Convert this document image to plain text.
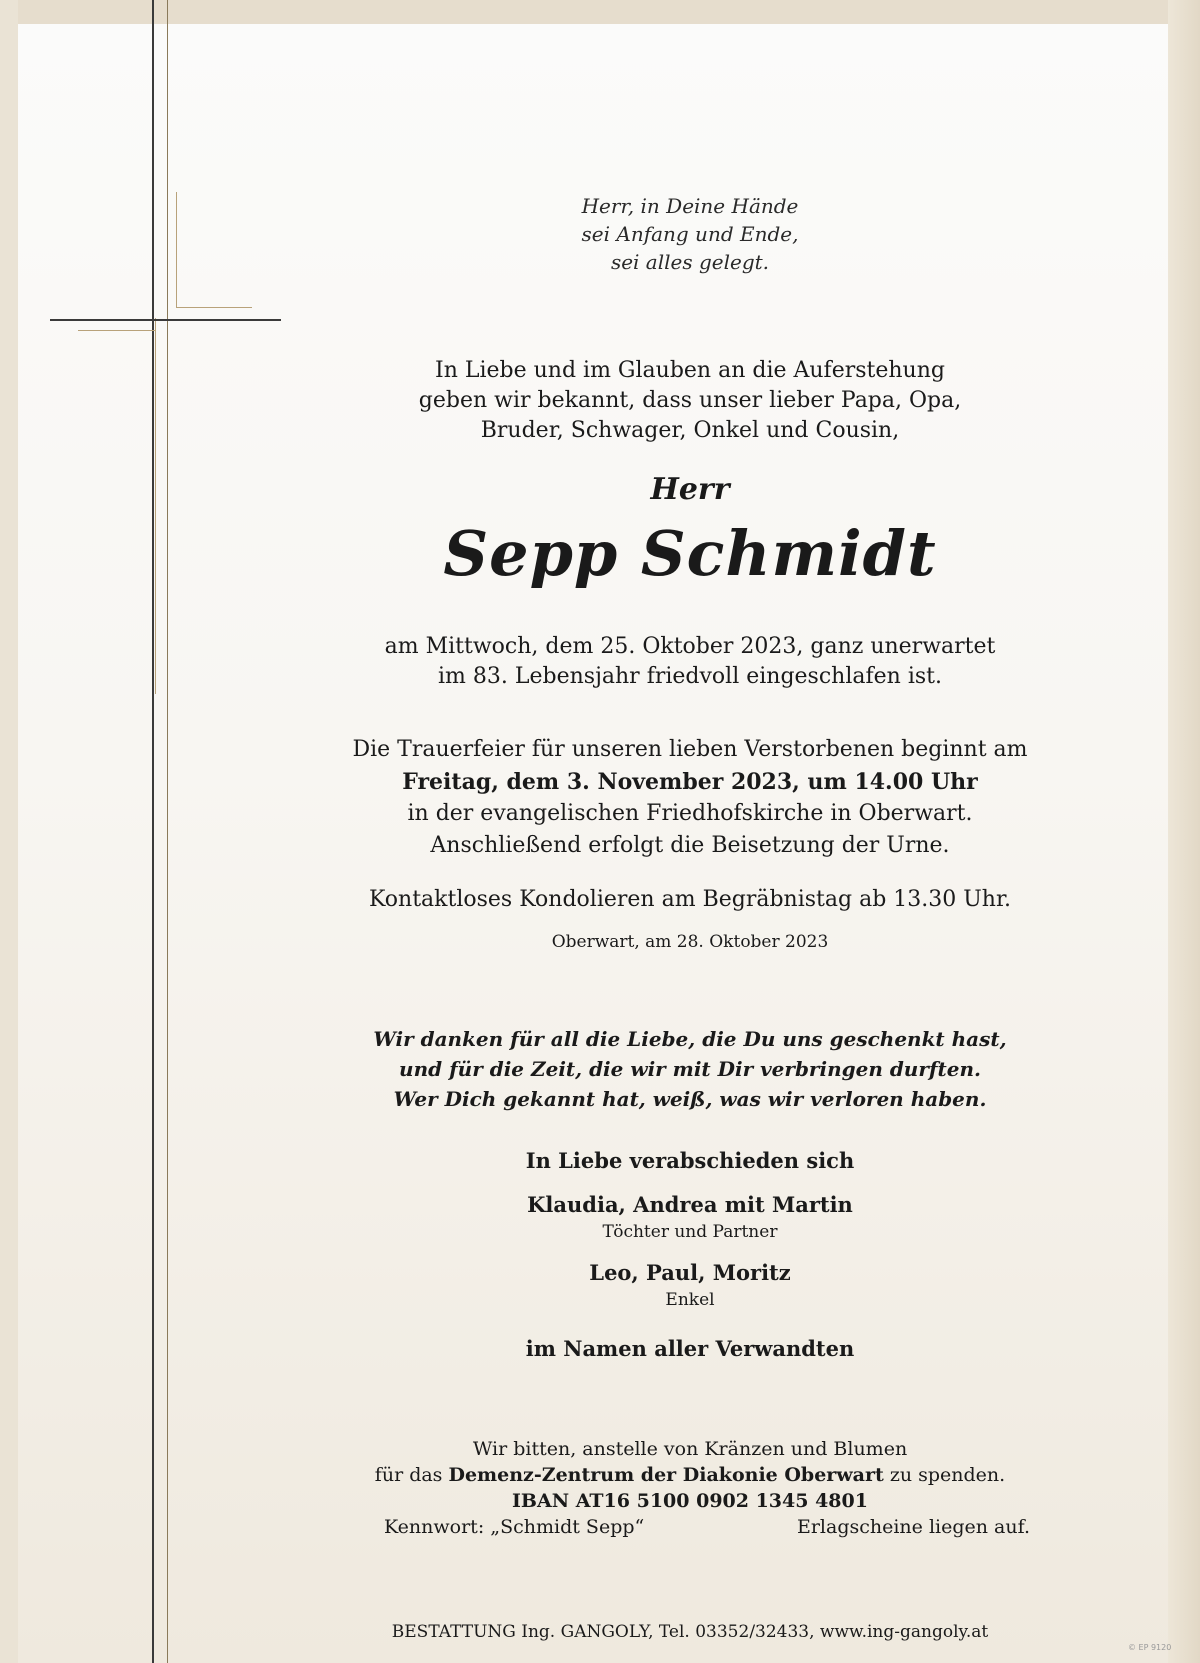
Herr, in Deine Hände
sei Anfang und Ende,
sei alles gelegt.
In Liebe und im Glauben an die Auferstehung
geben wir bekannt, dass unser lieber Papa, Opa,
Bruder, Schwager, Onkel und Cousin,
Herr
Sepp Schmidt
am Mittwoch, dem 25. Oktober 2023, ganz unerwartet
im 83. Lebensjahr friedvoll eingeschlafen ist.
Die Trauerfeier für unseren lieben Verstorbenen beginnt am
Freitag, dem 3. November 2023, um 14.00 Uhr
in der evangelischen Friedhofskirche in Oberwart.
Anschließend erfolgt die Beisetzung der Urne.
Kontaktloses Kondolieren am Begräbnistag ab 13.30 Uhr.
Oberwart, am 28. Oktober 2023
Wir danken für all die Liebe, die Du uns geschenkt hast,
und für die Zeit, die wir mit Dir verbringen durften.
Wer Dich gekannt hat, weiß, was wir verloren haben.
In Liebe verabschieden sich
Klaudia, Andrea mit Martin
Töchter und Partner
Leo, Paul, Moritz
Enkel
im Namen aller Verwandten
Wir bitten, anstelle von Kränzen und Blumen
für das Demenz-Zentrum der Diakonie Oberwart zu spenden.
IBAN AT16 5100 0902 1345 4801
Kennwort: „Schmidt Sepp“	Erlagscheine liegen auf.
BESTATTUNG Ing. GANGOLY, Tel. 03352/32433, www.ing-gangoly.at
© EP 9120
